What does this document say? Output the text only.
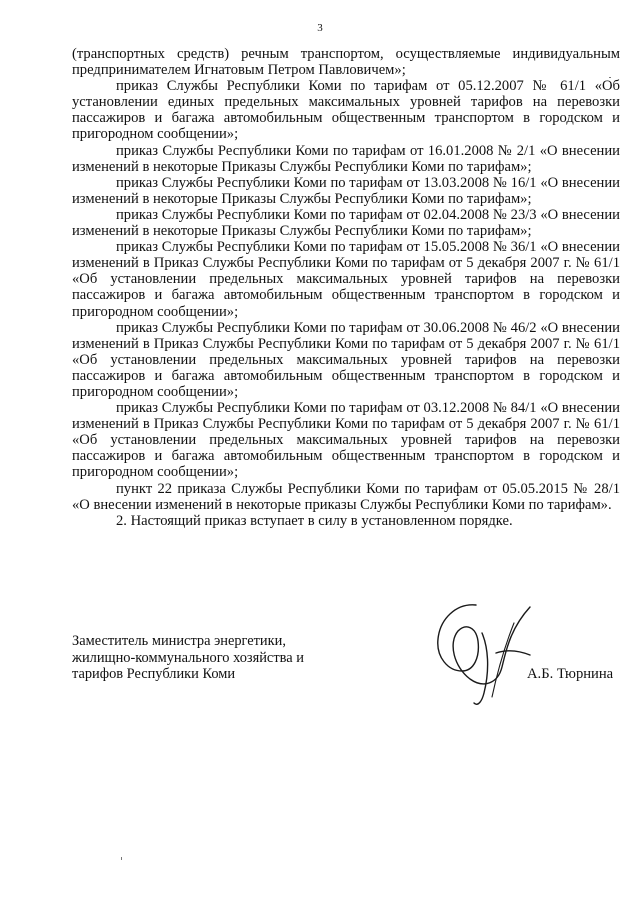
3

(транспортных средств) речным транспортом, осуществляемые индивидуальным предпринимателем Игнатовым Петром Павловичем»;

приказ Службы Республики Коми по тарифам от 05.12.2007 № 61/1 «Об установлении единых предельных максимальных уровней тарифов на перевозки пассажиров и багажа автомобильным общественным транспортом в городском и пригородном сообщении»;

приказ Службы Республики Коми по тарифам от 16.01.2008 № 2/1 «О внесении изменений в некоторые Приказы Службы Республики Коми по тарифам»;

приказ Службы Республики Коми по тарифам от 13.03.2008 № 16/1 «О внесении изменений в некоторые Приказы Службы Республики Коми по тарифам»;

приказ Службы Республики Коми по тарифам от 02.04.2008 № 23/3 «О внесении изменений в некоторые Приказы Службы Республики Коми по тарифам»;

приказ Службы Республики Коми по тарифам от 15.05.2008 № 36/1 «О внесении изменений в Приказ Службы Республики Коми по тарифам от 5 декабря 2007 г. № 61/1 «Об установлении предельных максимальных уровней тарифов на перевозки пассажиров и багажа автомобильным общественным транспортом в городском и пригородном сообщении»;

приказ Службы Республики Коми по тарифам от 30.06.2008 № 46/2 «О внесении изменений в Приказ Службы Республики Коми по тарифам от 5 декабря 2007 г. № 61/1 «Об установлении предельных максимальных уровней тарифов на перевозки пассажиров и багажа автомобильным общественным транспортом в городском и пригородном сообщении»;

приказ Службы Республики Коми по тарифам от 03.12.2008 № 84/1 «О внесении изменений в Приказ Службы Республики Коми по тарифам от 5 декабря 2007 г. № 61/1 «Об установлении предельных максимальных уровней тарифов на перевозки пассажиров и багажа автомобильным общественным транспортом в городском и пригородном сообщении»;

пункт 22 приказа Службы Республики Коми по тарифам от 05.05.2015 № 28/1 «О внесении изменений в некоторые приказы Службы Республики Коми по тарифам».

2. Настоящий приказ вступает в силу в установленном порядке.

Заместитель министра энергетики,
жилищно-коммунального хозяйства и
тарифов Республики Коми	А.Б. Тюрнина
